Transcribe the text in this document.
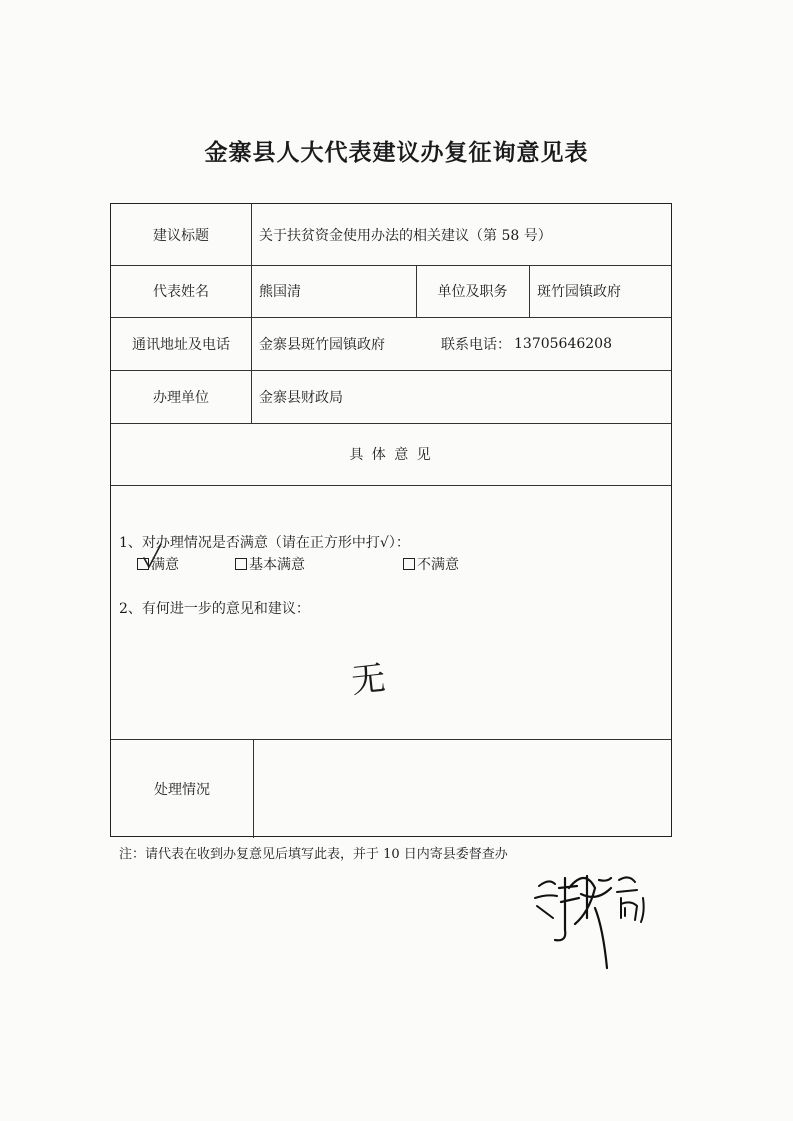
金寨县人大代表建议办复征询意见表
建议标题	关于扶贫资金使用办法的相关建议（第 58 号）
代表姓名	熊国清	单位及职务	斑竹园镇政府
通讯地址及电话	金寨县斑竹园镇政府	联系电话： 13705646208
办理单位	金寨县财政局
具 体 意 见
1、对办理情况是否满意（请在正方形中打√）：
满意	基本满意	不满意
2、有何进一步的意见和建议：
无
处理情况
注：请代表在收到办复意见后填写此表，并于 10 日内寄县委督查办
